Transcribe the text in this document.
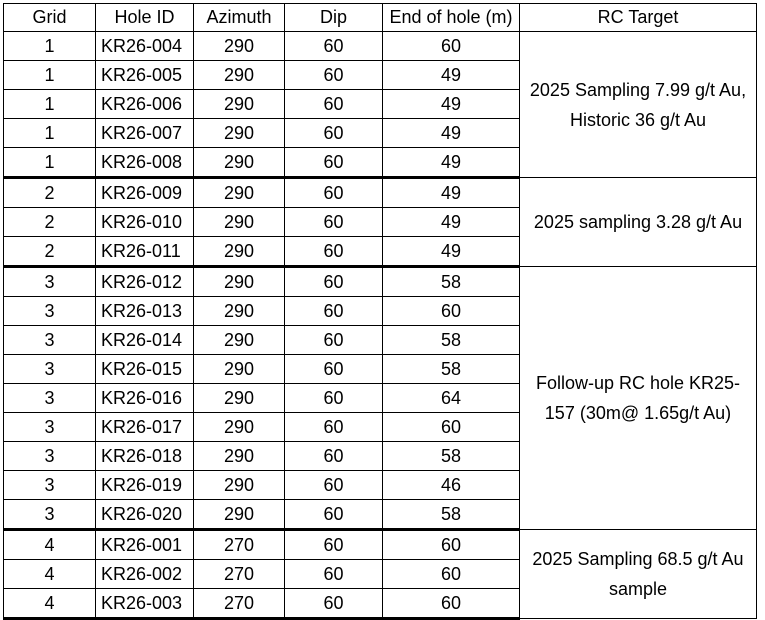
Grid	Hole ID	Azimuth	Dip	End of hole (m)	RC Target
1	KR26-004	290	60	60	2025 Sampling 7.99 g/t Au, Historic 36 g/t Au
1	KR26-005	290	60	49	
1	KR26-006	290	60	49	
1	KR26-007	290	60	49	
1	KR26-008	290	60	49	
2	KR26-009	290	60	49	2025 sampling 3.28 g/t Au
2	KR26-010	290	60	49	
2	KR26-011	290	60	49	
3	KR26-012	290	60	58	Follow-up RC hole KR25-157 (30m@ 1.65g/t Au)
3	KR26-013	290	60	60	
3	KR26-014	290	60	58	
3	KR26-015	290	60	58	
3	KR26-016	290	60	64	
3	KR26-017	290	60	60	
3	KR26-018	290	60	58	
3	KR26-019	290	60	46	
3	KR26-020	290	60	58	
4	KR26-001	270	60	60	2025 Sampling 68.5 g/t Au sample
4	KR26-002	270	60	60	
4	KR26-003	270	60	60	
